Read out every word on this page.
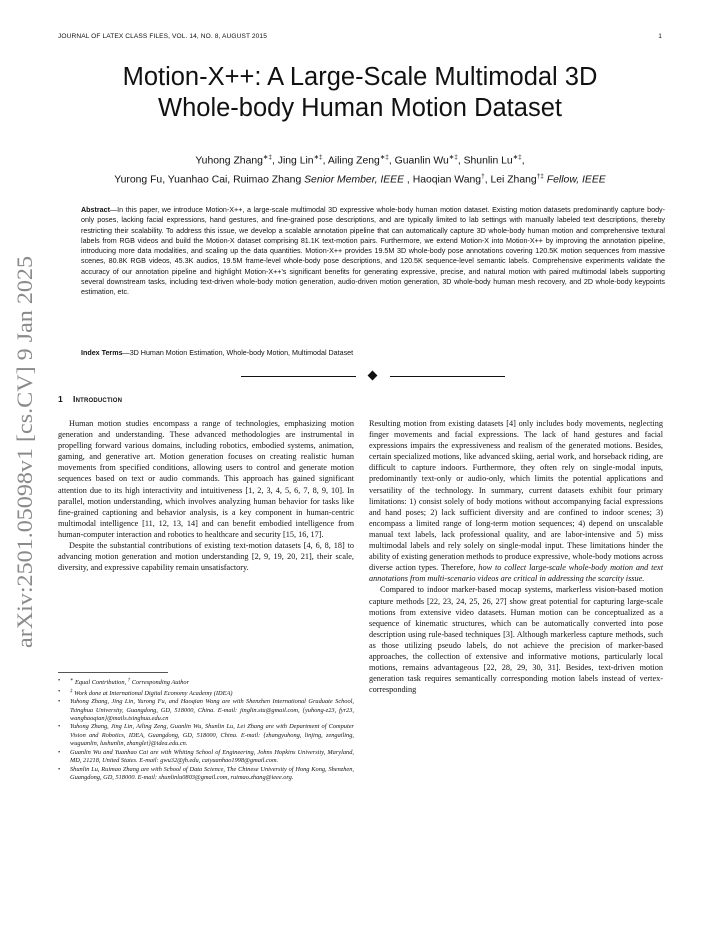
JOURNAL OF LATEX CLASS FILES, VOL. 14, NO. 8, AUGUST 2015	1
arXiv:2501.05098v1 [cs.CV] 9 Jan 2025
Motion-X++: A Large-Scale Multimodal 3D
Whole-body Human Motion Dataset
Yuhong Zhang∗‡, Jing Lin∗‡, Ailing Zeng∗‡, Guanlin Wu∗‡, Shunlin Lu∗‡,
Yurong Fu, Yuanhao Cai, Ruimao Zhang Senior Member, IEEE , Haoqian Wang†, Lei Zhang†‡ Fellow, IEEE
Abstract—In this paper, we introduce Motion-X++, a large-scale multimodal 3D expressive whole-body human motion dataset. Existing motion datasets predominantly capture body-only poses, lacking facial expressions, hand gestures, and fine-grained pose descriptions, and are typically limited to lab settings with manually labeled text descriptions, thereby restricting their scalability. To address this issue, we develop a scalable annotation pipeline that can automatically capture 3D whole-body human motion and comprehensive textural labels from RGB videos and build the Motion-X dataset comprising 81.1K text-motion pairs. Furthermore, we extend Motion-X into Motion-X++ by improving the annotation pipeline, introducing more data modalities, and scaling up the data quantities. Motion-X++ provides 19.5M 3D whole-body pose annotations covering 120.5K motion sequences from massive scenes, 80.8K RGB videos, 45.3K audios, 19.5M frame-level whole-body pose descriptions, and 120.5K sequence-level semantic labels. Comprehensive experiments validate the accuracy of our annotation pipeline and highlight Motion-X++'s significant benefits for generating expressive, precise, and natural motion with paired multimodal labels supporting several downstream tasks, including text-driven whole-body motion generation, audio-driven motion generation, 3D whole-body human mesh recovery, and 2D whole-body keypoints estimation, etc.
Index Terms—3D Human Motion Estimation, Whole-body Motion, Multimodal Dataset
1 Introduction

Human motion studies encompass a range of technologies, emphasizing motion generation and understanding. These advanced methodologies are instrumental in propelling forward various domains, including robotics, embodied systems, animation, gaming, and generative art. Motion generation focuses on creating realistic human movements from specified conditions, allowing users to control and generate motion sequences based on text or audio commands. This approach has gained significant attention due to its high interactivity and intuitiveness [1, 2, 3, 4, 5, 6, 7, 8, 9, 10]. In parallel, motion understanding, which involves analyzing human behavior for tasks like fine-grained captioning and behavior analysis, is a key component in human-centric multimodal intelligence [11, 12, 13, 14] and can benefit embodied intelligence from human-computer interaction and robotics to healthcare and security [15, 16, 17].

Despite the substantial contributions of existing text-motion datasets [4, 6, 8, 18] to advancing motion generation and motion understanding [2, 9, 19, 20, 21], their scale, diversity, and expressive capability remain unsatisfactory.

• ∗ Equal Contribution, † Corresponding Author
• ‡ Work done at International Digital Economy Academy (IDEA)
• Yuhong Zhang, Jing Lin, Yurong Fu, and Haoqian Wang are with Shenzhen International Graduate School, Tsinghua University, Guangdong, GD, 518000, China. E-mail: jinglin.stu@gmail.com, {yuhong-z23, fyr23, wanghaoqian}@mails.tsinghua.edu.cn
• Yuhong Zhang, Jing Lin, Ailing Zeng, Guanlin Wu, Shunlin Lu, Lei Zhang are with Department of Computer Vision and Robotics, IDEA, Guangdong, GD, 518000, China. E-mail: {zhangyuhong, linjing, zengailing, wuguanlin, lushunlin, zhanglei}@idea.edu.cn.
• Guanlin Wu and Yuanhao Cai are with Whiting School of Engineering, Johns Hopkins University, Maryland, MD, 21218, United States. E-mail: gwu32@jh.edu, caiyuanhao1998@gmail.com.
• Shunlin Lu, Ruimao Zhang are with School of Data Science, The Chinese University of Hong Kong, Shenzhen, Guangdong, GD, 518000. E-mail: shunlinlu0803@gmail.com, ruimao.zhang@ieee.org.

Resulting motion from existing datasets [4] only includes body movements, neglecting finger movements and facial expressions. The lack of hand gestures and facial expressions impairs the expressiveness and realism of the generated motions. Besides, certain specialized motions, like advanced skiing, aerial work, and horseback riding, are difficult to capture indoors. Furthermore, they often rely on single-modal inputs, predominantly text-only or audio-only, which limits the potential applications and versatility of the technology. In summary, current datasets exhibit four primary limitations: 1) consist solely of body motions without accompanying facial expressions and hand poses; 2) lack sufficient diversity and are confined to indoor scenes; 3) encompass a limited range of long-term motion sequences; 4) depend on unscalable manual text labels, lack professional quality, and are labor-intensive and 5) miss multimodal labels and rely solely on single-modal input. These limitations hinder the ability of existing generation methods to produce expressive, whole-body motions across diverse action types. Therefore, how to collect large-scale whole-body motion and text annotations from multi-scenario videos are critical in addressing the scarcity issue.

Compared to indoor marker-based mocap systems, markerless vision-based motion capture methods [22, 23, 24, 25, 26, 27] show great potential for capturing large-scale motions from extensive video datasets. Human motion can be conceptualized as a sequence of kinematic structures, which can be automatically converted into pose description using rule-based techniques [3]. Although markerless capture methods, such as those utilizing pseudo labels, do not achieve the precision of marker-based approaches, the collection of extensive and informative motions, particularly local motions, remains advantageous [22, 28, 29, 30, 31]. Besides, text-driven motion generation task requires semantically corresponding motion labels instead of vertex-corresponding
